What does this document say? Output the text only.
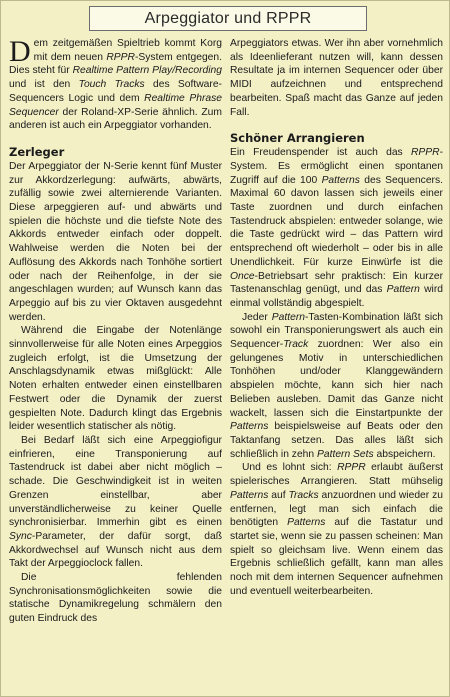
Arpeggiator und RPPR

Dem zeitgemäßen Spieltrieb kommt Korg mit dem neuen RPPR-System entgegen. Dies steht für Realtime Pattern Play/Recording und ist den Touch Tracks des Software-Sequencers Logic und dem Realtime Phrase Sequencer der Roland-XP-Serie ähnlich. Zum anderen ist auch ein Arpeggiator vorhanden.

Zerleger

Der Arpeggiator der N-Serie kennt fünf Muster zur Akkordzerlegung: aufwärts, abwärts, zufällig sowie zwei alternierende Varianten. Diese arpeggieren auf- und abwärts und spielen die höchste und die tiefste Note des Akkords entweder einfach oder doppelt. Wahlweise werden die Noten bei der Auflösung des Akkords nach Tonhöhe sortiert oder nach der Reihenfolge, in der sie angeschlagen wurden; auf Wunsch kann das Arpeggio auf bis zu vier Oktaven ausgedehnt werden.

Während die Eingabe der Notenlänge sinnvollerweise für alle Noten eines Arpeggios zugleich erfolgt, ist die Umsetzung der Anschlagsdynamik etwas mißglückt: Alle Noten erhalten entweder einen einstellbaren Festwert oder die Dynamik der zuerst gespielten Note. Dadurch klingt das Ergebnis leider wesentlich statischer als nötig.

Bei Bedarf läßt sich eine Arpeggiofigur einfrieren, eine Transponierung auf Tastendruck ist dabei aber nicht möglich – schade. Die Geschwindigkeit ist in weiten Grenzen einstellbar, aber unverständlicherweise zu keiner Quelle synchronisierbar. Immerhin gibt es einen Sync-Parameter, der dafür sorgt, daß Akkordwechsel auf Wunsch nicht aus dem Takt der Arpeggioclock fallen.

Die fehlenden Synchronisationsmöglichkeiten sowie die statische Dynamikregelung schmälern den guten Eindruck des

Arpeggiators etwas. Wer ihn aber vornehmlich als Ideenlieferant nutzen will, kann dessen Resultate ja im internen Sequencer oder über MIDI aufzeichnen und entsprechend bearbeiten. Spaß macht das Ganze auf jeden Fall.

Schöner Arrangieren

Ein Freudenspender ist auch das RPPR-System. Es ermöglicht einen spontanen Zugriff auf die 100 Patterns des Sequencers. Maximal 60 davon lassen sich jeweils einer Taste zuordnen und durch einfachen Tastendruck abspielen: entweder solange, wie die Taste gedrückt wird – das Pattern wird entsprechend oft wiederholt – oder bis in alle Unendlichkeit. Für kurze Einwürfe ist die Once-Betriebsart sehr praktisch: Ein kurzer Tastenanschlag genügt, und das Pattern wird einmal vollständig abgespielt.

Jeder Pattern-Tasten-Kombination läßt sich sowohl ein Transponierungswert als auch ein Sequencer-Track zuordnen: Wer also ein gelungenes Motiv in unterschiedlichen Tonhöhen und/oder Klanggewändern abspielen möchte, kann sich hier nach Belieben ausleben. Damit das Ganze nicht wackelt, lassen sich die Einstartpunkte der Patterns beispielsweise auf Beats oder den Taktanfang setzen. Das alles läßt sich schließlich in zehn Pattern Sets abspeichern.

Und es lohnt sich: RPPR erlaubt äußerst spielerisches Arrangieren. Statt mühselig Patterns auf Tracks anzuordnen und wieder zu entfernen, legt man sich einfach die benötigten Patterns auf die Tastatur und startet sie, wenn sie zu passen scheinen: Man spielt so gleichsam live. Wenn einem das Ergebnis schließlich gefällt, kann man alles noch mit dem internen Sequencer aufnehmen und eventuell weiterbearbeiten.
